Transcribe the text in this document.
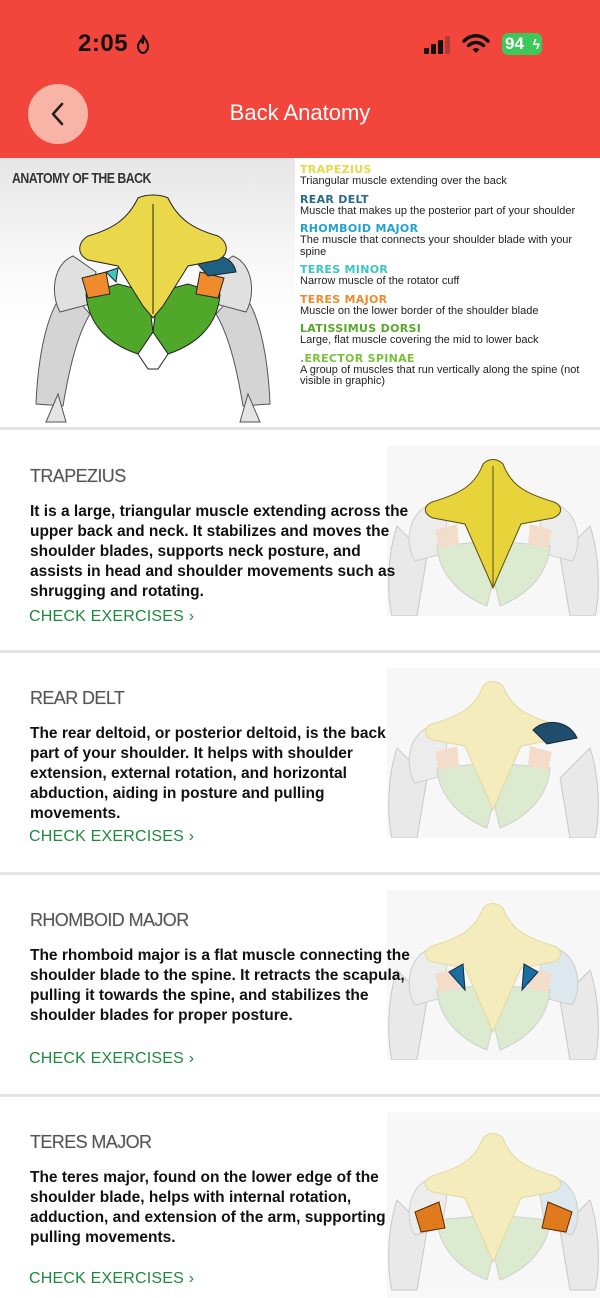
2:05	94 ϟ
Back Anatomy
ANATOMY OF THE BACK
TRAPEZIUS
Triangular muscle extending over the back
REAR DELT
Muscle that makes up the posterior part of your shoulder
RHOMBOID MAJOR
The muscle that connects your shoulder blade with your spine
TERES MINOR
Narrow muscle of the rotator cuff
TERES MAJOR
Muscle on the lower border of the shoulder blade
LATISSIMUS DORSI
Large, flat muscle covering the mid to lower back
.ERECTOR SPINAE
A group of muscles that run vertically along the spine (not visible in graphic)
TRAPEZIUS
It is a large, triangular muscle extending across the upper back and neck. It stabilizes and moves the shoulder blades, supports neck posture, and assists in head and shoulder movements such as shrugging and rotating.
CHECK EXERCISES ›
REAR DELT
The rear deltoid, or posterior deltoid, is the back part of your shoulder. It helps with shoulder extension, external rotation, and horizontal abduction, aiding in posture and pulling movements.
CHECK EXERCISES ›
RHOMBOID MAJOR
The rhomboid major is a flat muscle connecting the shoulder blade to the spine. It retracts the scapula, pulling it towards the spine, and stabilizes the shoulder blades for proper posture.
CHECK EXERCISES ›
TERES MAJOR
The teres major, found on the lower edge of the shoulder blade, helps with internal rotation, adduction, and extension of the arm, supporting pulling movements.
CHECK EXERCISES ›
